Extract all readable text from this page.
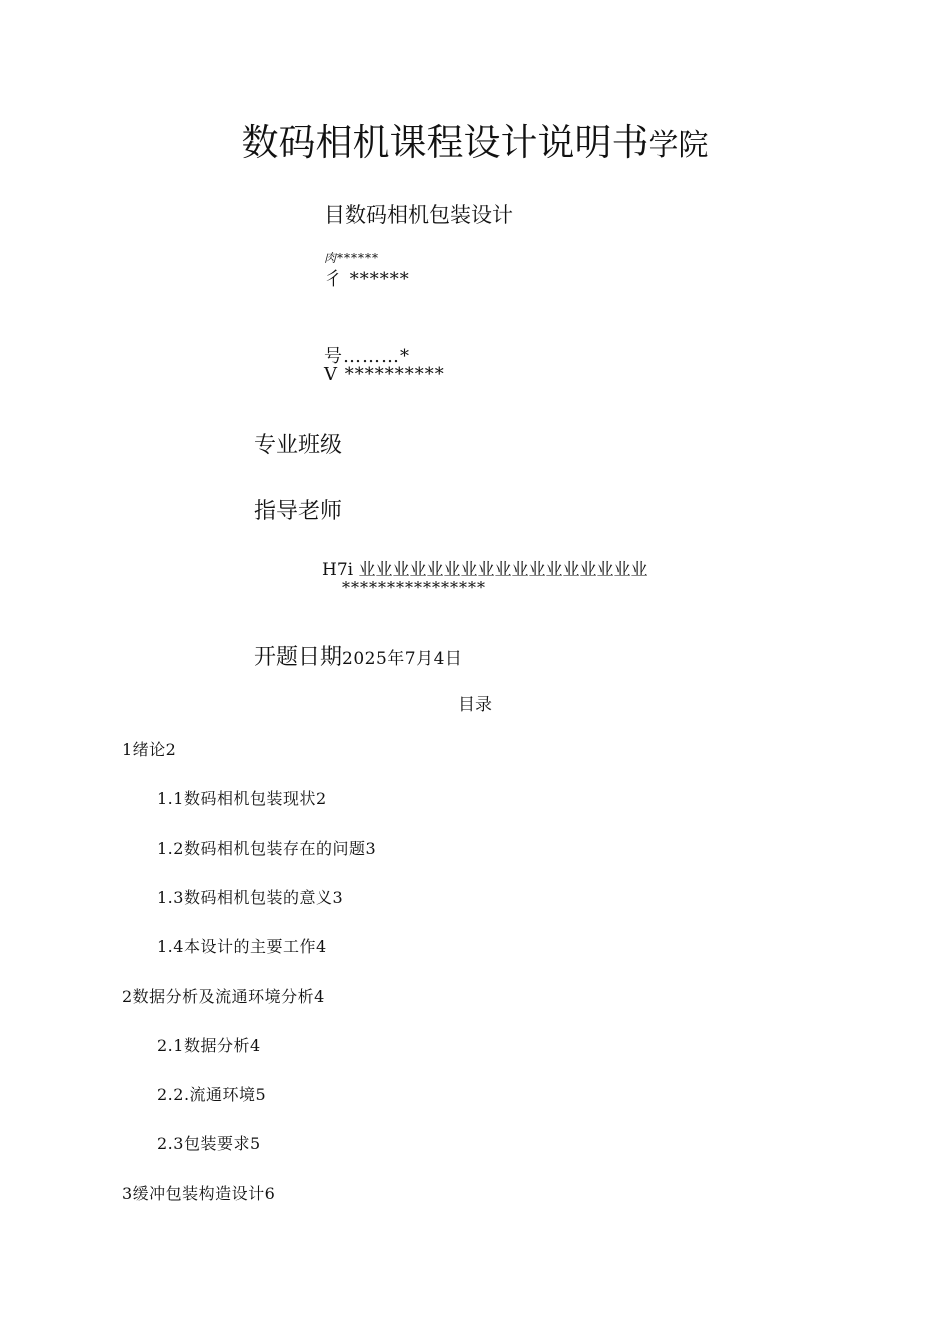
数码相机课程设计说明书学院
目数码相机包装设计
肉******
彳 ******
号………*
V **********
专业班级
指导老师
H7i 业业业业业业业业业业业业业业业业业
****************
开题日期2025年7月4日
目录
1绪论2
1.1数码相机包装现状2
1.2数码相机包装存在的问题3
1.3数码相机包装的意义3
1.4本设计的主要工作4
2数据分析及流通环境分析4
2.1数据分析4
2.2.流通环境5
2.3包装要求5
3缓冲包装构造设计6
